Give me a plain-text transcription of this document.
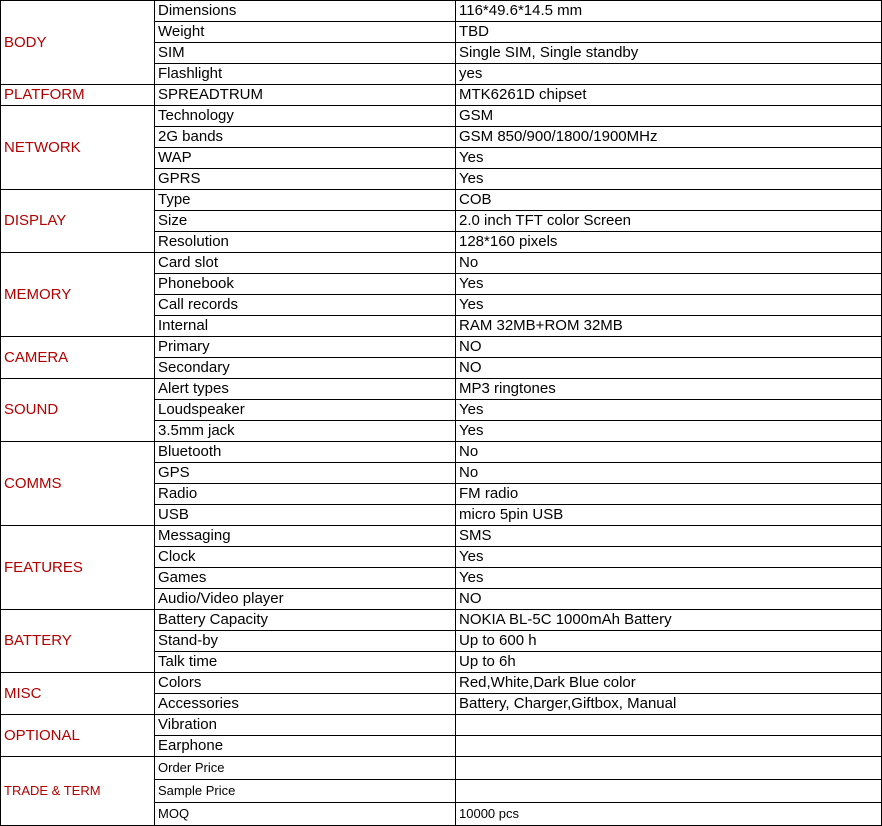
BODY	Dimensions	116*49.6*14.5 mm
	Weight	TBD
	SIM	Single SIM, Single standby
	Flashlight	yes
PLATFORM	SPREADTRUM	MTK6261D chipset
NETWORK	Technology	GSM
	2G bands	GSM 850/900/1800/1900MHz
	WAP	Yes
	GPRS	Yes
DISPLAY	Type	COB
	Size	2.0 inch TFT color Screen
	Resolution	128*160 pixels
MEMORY	Card slot	No
	Phonebook	Yes
	Call records	Yes
	Internal	RAM 32MB+ROM 32MB
CAMERA	Primary	NO
	Secondary	NO
SOUND	Alert types	MP3 ringtones
	Loudspeaker	Yes
	3.5mm jack	Yes
COMMS	Bluetooth	No
	GPS	No
	Radio	FM radio
	USB	micro 5pin USB
FEATURES	Messaging	SMS
	Clock	Yes
	Games	Yes
	Audio/Video player	NO
BATTERY	Battery Capacity	NOKIA BL-5C 1000mAh Battery
	Stand-by	Up to 600 h
	Talk time	Up to 6h
MISC	Colors	Red,White,Dark Blue color
	Accessories	Battery, Charger,Giftbox, Manual
OPTIONAL	Vibration	
	Earphone	
TRADE & TERM	Order Price	
	Sample Price	
	MOQ	10000 pcs
